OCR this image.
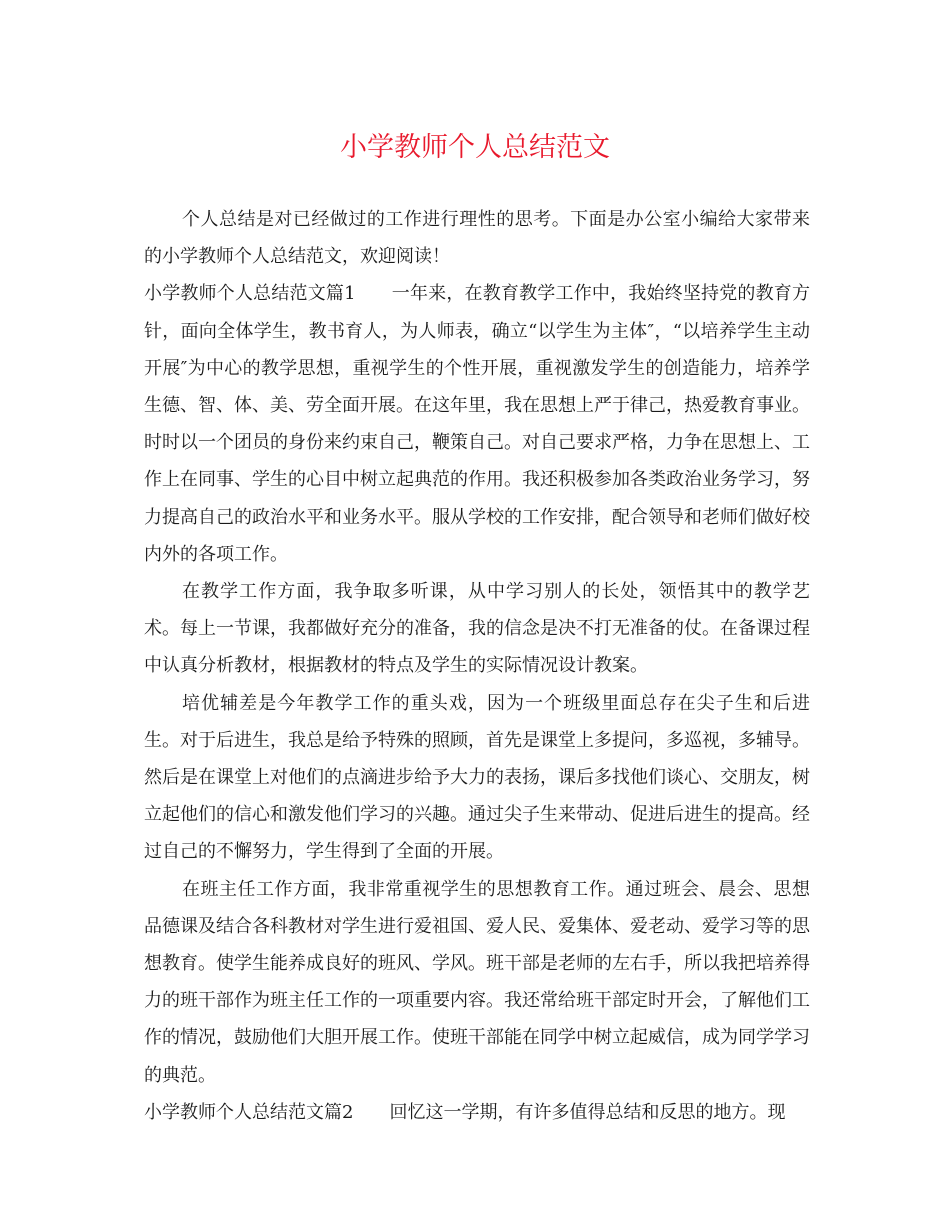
小学教师个人总结范文

个人总结是对已经做过的工作进行理性的思考。下面是办公室小编给大家带来的小学教师个人总结范文，欢迎阅读！

小学教师个人总结范文篇1   一年来，在教育教学工作中，我始终坚持党的教育方针，面向全体学生，教书育人，为人师表，确立“以学生为主体″，“以培养学生主动开展″为中心的教学思想，重视学生的个性开展，重视激发学生的创造能力，培养学生德、智、体、美、劳全面开展。在这年里，我在思想上严于律己，热爱教育事业。时时以一个团员的身份来约束自己，鞭策自己。对自己要求严格，力争在思想上、工作上在同事、学生的心目中树立起典范的作用。我还积极参加各类政治业务学习，努力提高自己的政治水平和业务水平。服从学校的工作安排，配合领导和老师们做好校内外的各项工作。

在教学工作方面，我争取多听课，从中学习别人的长处，领悟其中的教学艺术。每上一节课，我都做好充分的准备，我的信念是决不打无准备的仗。在备课过程中认真分析教材，根据教材的特点及学生的实际情况设计教案。

培优辅差是今年教学工作的重头戏，因为一个班级里面总存在尖子生和后进生。对于后进生，我总是给予特殊的照顾，首先是课堂上多提问，多巡视，多辅导。然后是在课堂上对他们的点滴进步给予大力的表扬，课后多找他们谈心、交朋友，树立起他们的信心和激发他们学习的兴趣。通过尖子生来带动、促进后进生的提高。经过自己的不懈努力，学生得到了全面的开展。

在班主任工作方面，我非常重视学生的思想教育工作。通过班会、晨会、思想品德课及结合各科教材对学生进行爱祖国、爱人民、爱集体、爱老动、爱学习等的思想教育。使学生能养成良好的班风、学风。班干部是老师的左右手，所以我把培养得力的班干部作为班主任工作的一项重要内容。我还常给班干部定时开会，了解他们工作的情况，鼓励他们大胆开展工作。使班干部能在同学中树立起威信，成为同学学习的典范。

小学教师个人总结范文篇2   回忆这一学期，有许多值得总结和反思的地方。现
